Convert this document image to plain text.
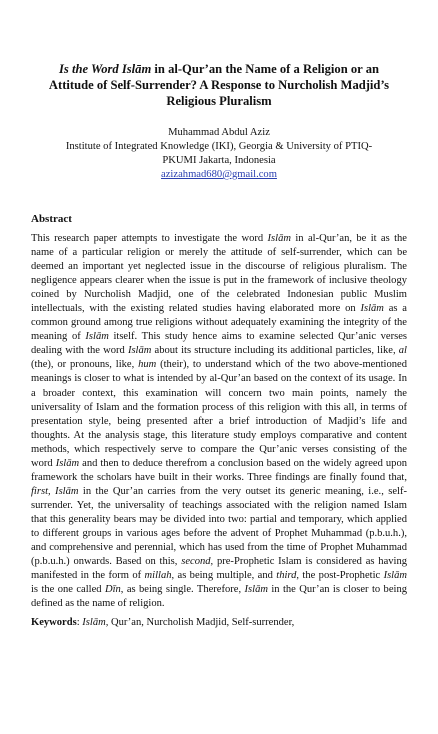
Is the Word Islām in al-Qur’an the Name of a Religion or an
Attitude of Self-Surrender? A Response to Nurcholish Madjid’s
Religious Pluralism
Muhammad Abdul Aziz
Institute of Integrated Knowledge (IKI), Georgia & University of PTIQ-
PKUMI Jakarta, Indonesia
azizahmad680@gmail.com
Abstract

This research paper attempts to investigate the word Islām in al-Qur’an, be it as the name of a particular religion or merely the attitude of self-surrender, which can be deemed an important yet neglected issue in the discourse of religious pluralism. The negligence appears clearer when the issue is put in the framework of inclusive theology coined by Nurcholish Madjid, one of the celebrated Indonesian public Muslim intellectuals, with the existing related studies having elaborated more on Islām as a common ground among true religions without adequately examining the integrity of the meaning of Islām itself. This study hence aims to examine selected Qur’anic verses dealing with the word Islām about its structure including its additional particles, like, al (the), or pronouns, like, hum (their), to understand which of the two above-mentioned meanings is closer to what is intended by al-Qur’an based on the context of its usage. In a broader context, this examination will concern two main points, namely the universality of Islam and the formation process of this religion with this all, in terms of presentation style, being presented after a brief introduction of Madjid’s life and thoughts. At the analysis stage, this literature study employs comparative and content methods, which respectively serve to compare the Qur’anic verses consisting of the word Islām and then to deduce therefrom a conclusion based on the widely agreed upon framework the scholars have built in their works. Three findings are finally found that, first, Islām in the Qur’an carries from the very outset its generic meaning, i.e., self-surrender. Yet, the universality of teachings associated with the religion named Islam that this generality bears may be divided into two: partial and temporary, which applied to different groups in various ages before the advent of Prophet Muhammad (p.b.u.h.), and comprehensive and perennial, which has used from the time of Prophet Muhammad (p.b.u.h.) onwards. Based on this, second, pre-Prophetic Islam is considered as having manifested in the form of millah, as being multiple, and third, the post-Prophetic Islām is the one called Dīn, as being single. Therefore, Islām in the Qur’an is closer to being defined as the name of religion.

Keywords: Islām, Qur’an, Nurcholish Madjid, Self-surrender,
